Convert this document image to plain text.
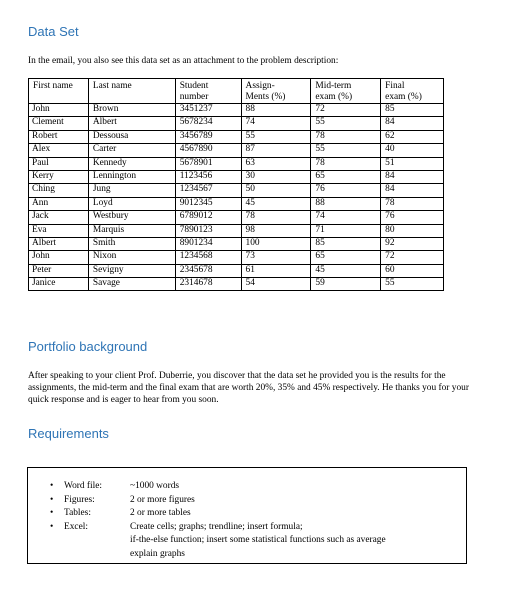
Data Set
In the email, you also see this data set as an attachment to the problem description:
First name	Last name	Student	Assign-	Mid-term	Final
		number	Ments (%)	exam (%)	exam (%)
John	Brown	3451237	88	72	85
Clement	Albert	5678234	74	55	84
Robert	Dessousa	3456789	55	78	62
Alex	Carter	4567890	87	55	40
Paul	Kennedy	5678901	63	78	51
Kerry	Lennington	1123456	30	65	84
Ching	Jung	1234567	50	76	84
Ann	Loyd	9012345	45	88	78
Jack	Westbury	6789012	78	74	76
Eva	Marquis	7890123	98	71	80
Albert	Smith	8901234	100	85	92
John	Nixon	1234568	73	65	72
Peter	Sevigny	2345678	61	45	60
Janice	Savage	2314678	54	59	55
Portfolio background
After speaking to your client Prof. Duberrie, you discover that the data set he provided you is the results for the assignments, the mid-term and the final exam that are worth 20%, 35% and 45% respectively. He thanks you for your quick response and is eager to hear from you soon.
Requirements
•	Word file:	~1000 words
•	Figures:	2 or more figures
•	Tables:	2 or more tables
•	Excel:	Create cells; graphs; trendline; insert formula;
if-the-else function; insert some statistical functions such as average
explain graphs
